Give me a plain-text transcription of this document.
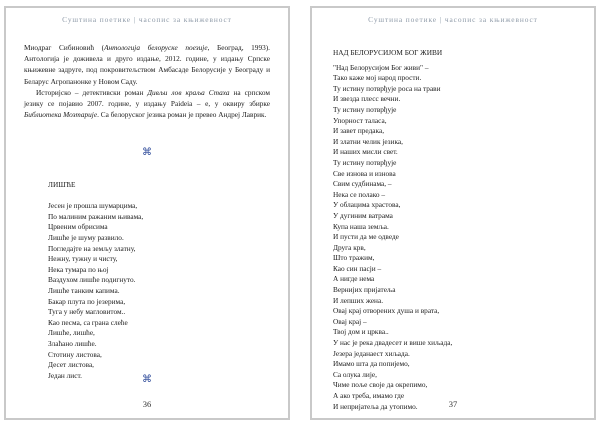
Суштина поетике | часопис за књижевност

Миодраг Сибиновић (Антологија белоруске поезије, Београд, 1993). Антологија је доживела и друго издање, 2012. године, у издању Српске књижевне задруге, под покровитељством Амбасаде Белорусије у Београду и Беларус Агропанонке у Новом Саду.

Историјско – детективски роман Дивљи лов краља Стаха на српском језику се појавио 2007. године, у издању Paideia – е, у оквиру збирке Библиотека Мозтарије. Са белоруског језика роман је превео Андреј Лаврик.

⌘
ЛИШЋЕ
Јесен је прошла шумарцима,
По малиним ражаним њивама,
Црвеним обрисима
Лишће је шуму развило.
Погледајте на земљу златну,
Нежну, тужну и чисту,
Нека тумара по њој
Ваздухом лишће подигнуто.
Лишће танким капима.
Бакар плута по језерима,
Туга у небу магловитом..
Као песма, са грана слеће
Лишће, лишће,
Злаћано лишће.
Стотину листова,
Десет листова,
Један лист.	⌘
36
Суштина поетике | часопис за књижевност
НАД БЕЛОРУСИЈОМ БОГ ЖИВИ
"Над Белорусијом Бог живи" –
Тако каже мој народ прости.
Ту истину потврђује роса на трави
И звезда плесс вечни.
Ту истину потврђује
Упорност таласа,
И завет предака,
И златни челик језика,
И наших мисли свет.
Ту истину потврђује
Све изнова и изнова
Свим судбинама, –
Нека се полако –
У облацима храстова,
У дугиним ватрама
Купа наша земља.
И пусти да ме одведе
Друга крв,
Што тражим,
Као син пасји –
А нигде нема
Верниjих пријатеља
И лепших жена.
Овај крај отворених душа и врата,
Овај крај –
Твој дом и црква..
У нас је река двадесет и више хиљада,
Језера једанаест хиљада.
Имамо шта да попијемо,
Са олука лије,
Чиме поље своје да окрепимо,
А ако треба, имамо где
И непријатеља да утопимо.	37
